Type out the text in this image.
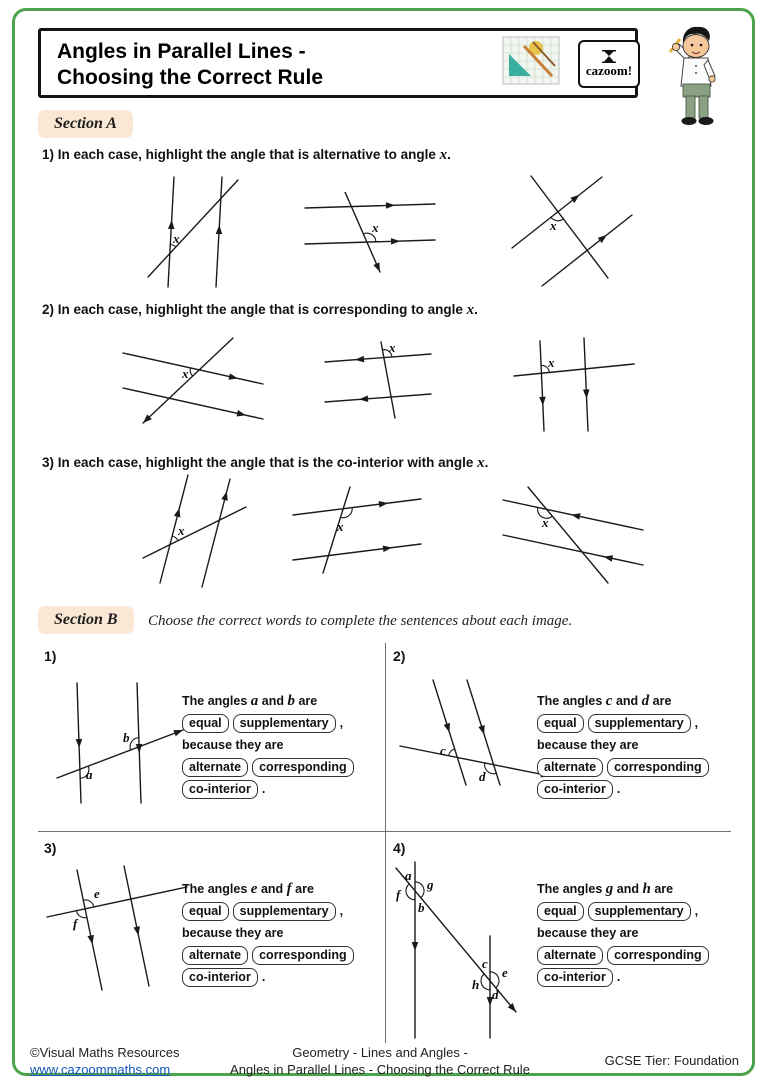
Angles in Parallel Lines -
Choosing the Correct Rule	cazoom!
Section A
1) In each case, highlight the angle that is alternative to angle x.
x
x	x
2) In each case, highlight the angle that is corresponding to angle x.
x
x
x
3) In each case, highlight the angle that is the co-interior with angle x.
x	x	x
Section B	Choose the correct words to complete the sentences about each image.
1)	2)
3)	4)
a
b
The angles a and b are
equal supplementary ,
because they are
alternate corresponding
co-interior .
c
d
The angles c and d are
equal supplementary ,
because they are
alternate corresponding
co-interior .
e
f
The angles e and f are
equal supplementary ,
because they are
alternate corresponding
co-interior .
a
g
f
b
c
e
h
d
The angles g and h are
equal supplementary ,
because they are
alternate corresponding
co-interior .
©Visual Maths Resources
www.cazoommaths.com
Geometry - Lines and Angles -
Angles in Parallel Lines - Choosing the Correct Rule
GCSE Tier: Foundation
